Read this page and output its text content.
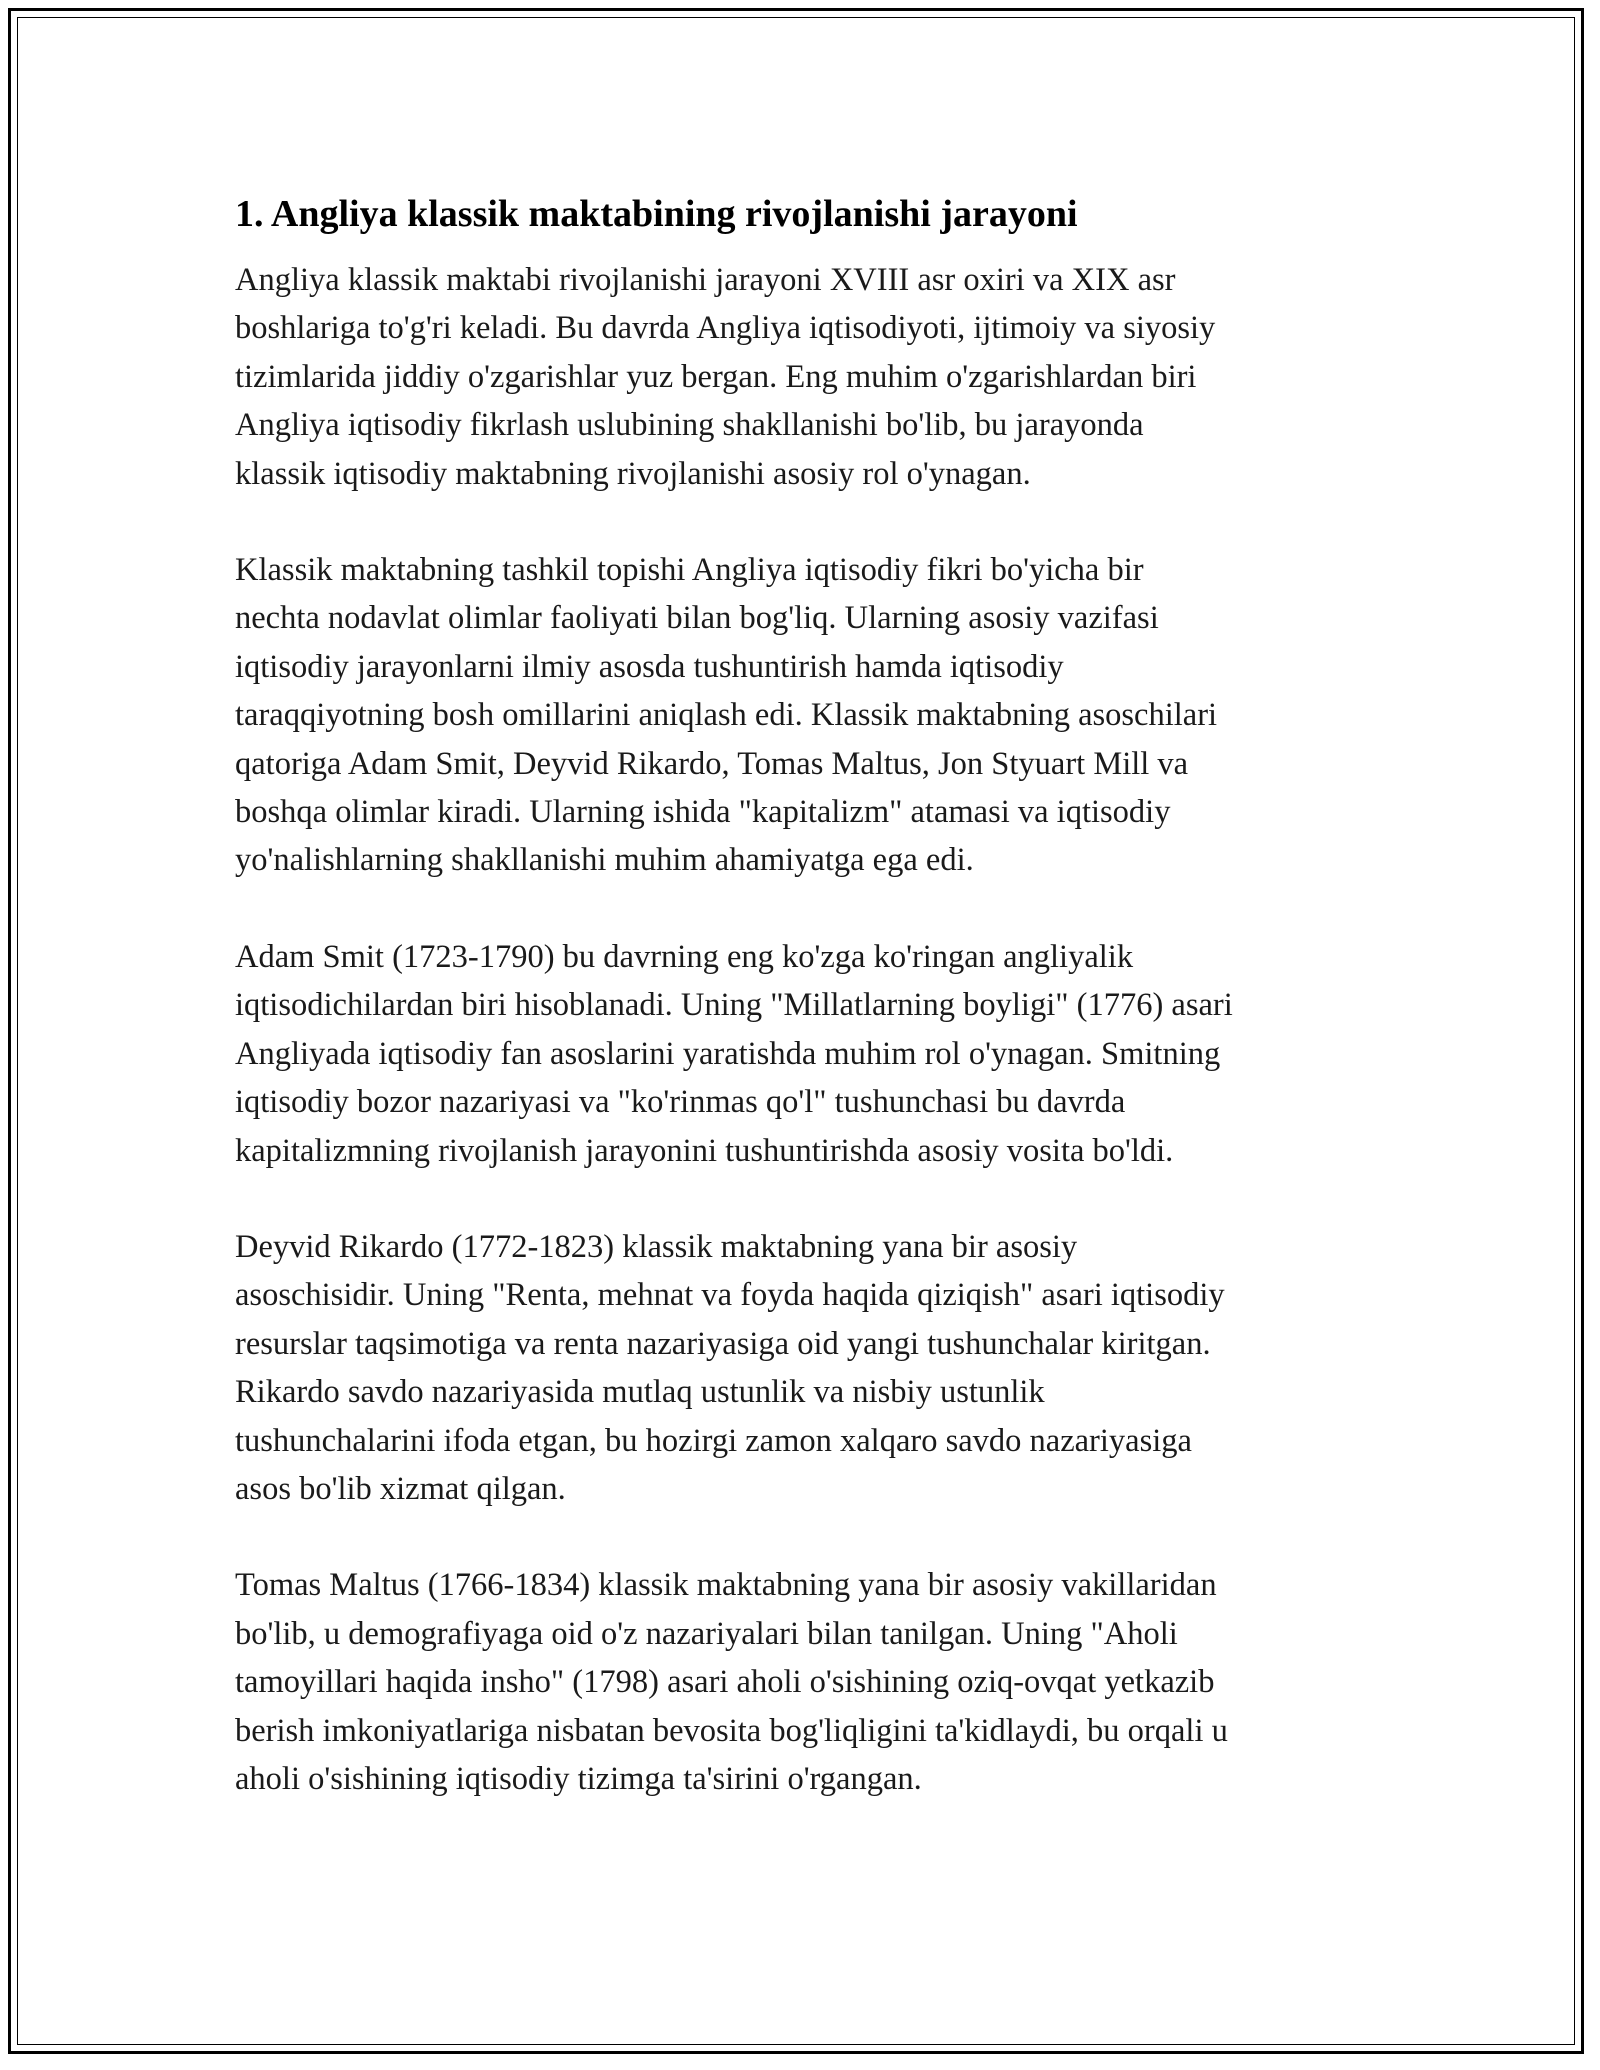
1. Angliya klassik maktabining rivojlanishi jarayoni

Angliya klassik maktabi rivojlanishi jarayoni XVIII asr oxiri va XIX asr
boshlariga to'g'ri keladi. Bu davrda Angliya iqtisodiyoti, ijtimoiy va siyosiy
tizimlarida jiddiy o'zgarishlar yuz bergan. Eng muhim o'zgarishlardan biri
Angliya iqtisodiy fikrlash uslubining shakllanishi bo'lib, bu jarayonda
klassik iqtisodiy maktabning rivojlanishi asosiy rol o'ynagan.

Klassik maktabning tashkil topishi Angliya iqtisodiy fikri bo'yicha bir
nechta nodavlat olimlar faoliyati bilan bog'liq. Ularning asosiy vazifasi
iqtisodiy jarayonlarni ilmiy asosda tushuntirish hamda iqtisodiy
taraqqiyotning bosh omillarini aniqlash edi. Klassik maktabning asoschilari
qatoriga Adam Smit, Deyvid Rikardo, Tomas Maltus, Jon Styuart Mill va
boshqa olimlar kiradi. Ularning ishida "kapitalizm" atamasi va iqtisodiy
yo'nalishlarning shakllanishi muhim ahamiyatga ega edi.

Adam Smit (1723-1790) bu davrning eng ko'zga ko'ringan angliyalik
iqtisodichilardan biri hisoblanadi. Uning "Millatlarning boyligi" (1776) asari
Angliyada iqtisodiy fan asoslarini yaratishda muhim rol o'ynagan. Smitning
iqtisodiy bozor nazariyasi va "ko'rinmas qo'l" tushunchasi bu davrda
kapitalizmning rivojlanish jarayonini tushuntirishda asosiy vosita bo'ldi.

Deyvid Rikardo (1772-1823) klassik maktabning yana bir asosiy
asoschisidir. Uning "Renta, mehnat va foyda haqida qiziqish" asari iqtisodiy
resurslar taqsimotiga va renta nazariyasiga oid yangi tushunchalar kiritgan.
Rikardo savdo nazariyasida mutlaq ustunlik va nisbiy ustunlik
tushunchalarini ifoda etgan, bu hozirgi zamon xalqaro savdo nazariyasiga
asos bo'lib xizmat qilgan.

Tomas Maltus (1766-1834) klassik maktabning yana bir asosiy vakillaridan
bo'lib, u demografiyaga oid o'z nazariyalari bilan tanilgan. Uning "Aholi
tamoyillari haqida insho" (1798) asari aholi o'sishining oziq-ovqat yetkazib
berish imkoniyatlariga nisbatan bevosita bog'liqligini ta'kidlaydi, bu orqali u
aholi o'sishining iqtisodiy tizimga ta'sirini o'rgangan.
